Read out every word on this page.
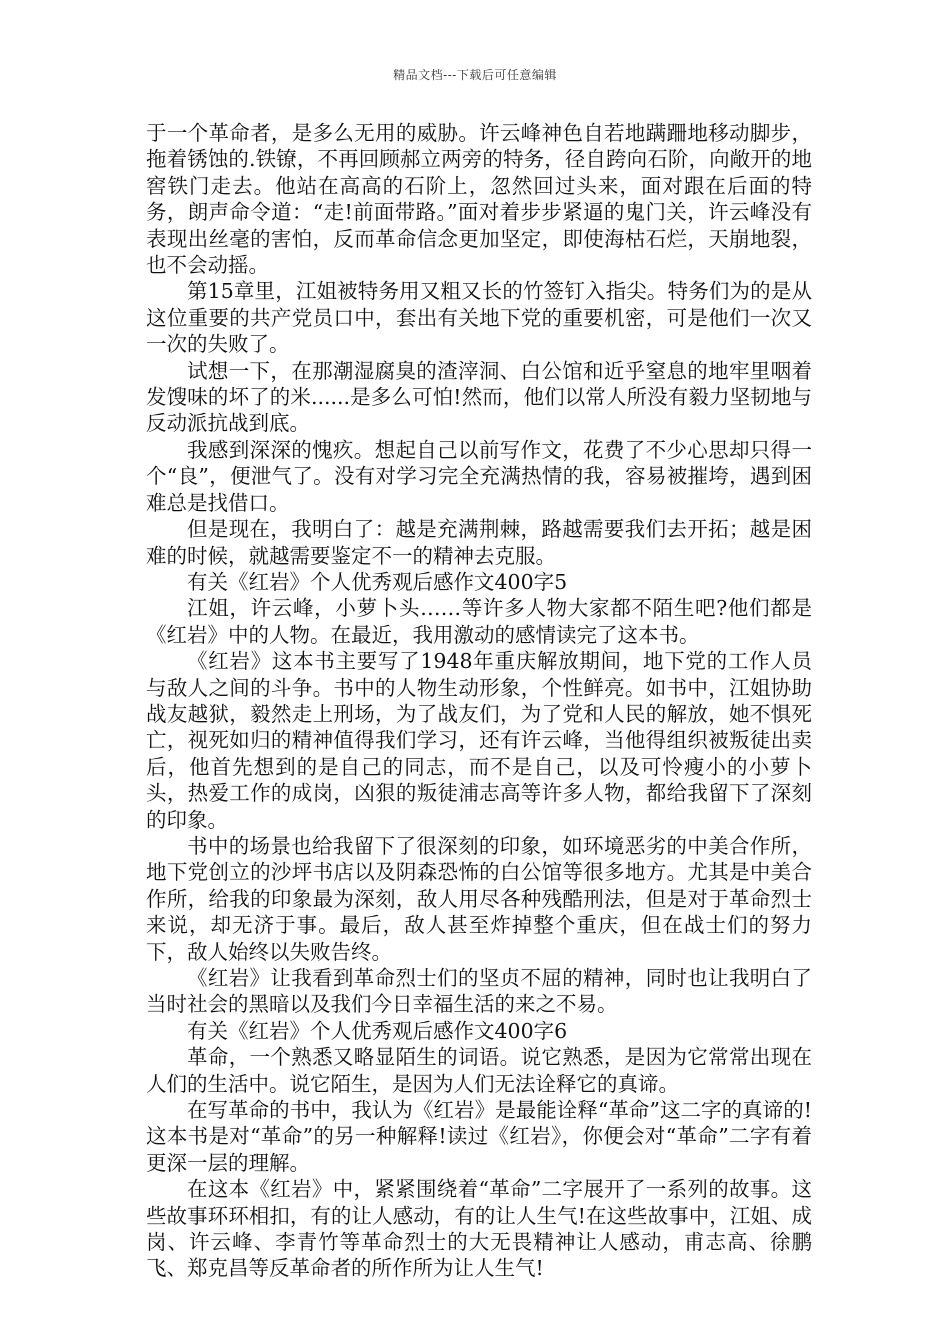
精品文档---下载后可任意编辑

于一个革命者，是多么无用的威胁。许云峰神色自若地蹒跚地移动脚步，拖着锈蚀的.铁镣，不再回顾郝立两旁的特务，径自跨向石阶，向敞开的地窖铁门走去。他站在高高的石阶上，忽然回过头来，面对跟在后面的特务，朗声命令道：“走!前面带路。”面对着步步紧逼的鬼门关，许云峰没有表现出丝毫的害怕，反而革命信念更加坚定，即使海枯石烂，天崩地裂，也不会动摇。

第15章里，江姐被特务用又粗又长的竹签钉入指尖。特务们为的是从这位重要的共产党员口中，套出有关地下党的重要机密，可是他们一次又一次的失败了。

试想一下，在那潮湿腐臭的渣滓洞、白公馆和近乎窒息的地牢里咽着发馊味的坏了的米......是多么可怕!然而，他们以常人所没有毅力坚韧地与反动派抗战到底。

我感到深深的愧疚。想起自己以前写作文，花费了不少心思却只得一个“良”，便泄气了。没有对学习完全充满热情的我，容易被摧垮，遇到困难总是找借口。

但是现在，我明白了：越是充满荆棘，路越需要我们去开拓；越是困难的时候，就越需要鉴定不一的精神去克服。

有关《红岩》个人优秀观后感作文400字5

江姐，许云峰，小萝卜头……等许多人物大家都不陌生吧?他们都是《红岩》中的人物。在最近，我用激动的感情读完了这本书。

《红岩》这本书主要写了1948年重庆解放期间，地下党的工作人员与敌人之间的斗争。书中的人物生动形象，个性鲜亮。如书中，江姐协助战友越狱，毅然走上刑场，为了战友们，为了党和人民的解放，她不惧死亡，视死如归的精神值得我们学习，还有许云峰，当他得组织被叛徒出卖后，他首先想到的是自己的同志，而不是自己，以及可怜瘦小的小萝卜头，热爱工作的成岗，凶狠的叛徒浦志高等许多人物，都给我留下了深刻的印象。

书中的场景也给我留下了很深刻的印象，如环境恶劣的中美合作所，地下党创立的沙坪书店以及阴森恐怖的白公馆等很多地方。尤其是中美合作所，给我的印象最为深刻，敌人用尽各种残酷刑法，但是对于革命烈士来说，却无济于事。最后，敌人甚至炸掉整个重庆，但在战士们的努力下，敌人始终以失败告终。

《红岩》让我看到革命烈士们的坚贞不屈的精神，同时也让我明白了当时社会的黑暗以及我们今日幸福生活的来之不易。

有关《红岩》个人优秀观后感作文400字6

革命，一个熟悉又略显陌生的词语。说它熟悉，是因为它常常出现在人们的生活中。说它陌生，是因为人们无法诠释它的真谛。

在写革命的书中，我认为《红岩》是最能诠释“革命”这二字的真谛的!这本书是对“革命”的另一种解释!读过《红岩》，你便会对“革命”二字有着更深一层的理解。

在这本《红岩》中，紧紧围绕着“革命”二字展开了一系列的故事。这些故事环环相扣，有的让人感动，有的让人生气!在这些故事中，江姐、成岗、许云峰、李青竹等革命烈士的大无畏精神让人感动，甫志高、徐鹏飞、郑克昌等反革命者的所作所为让人生气!
